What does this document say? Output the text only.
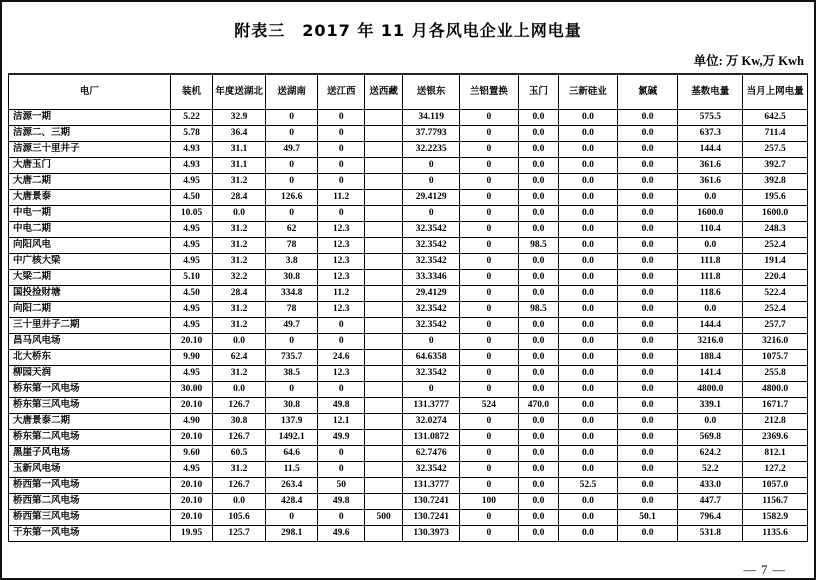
附表三　2017 年 11 月各风电企业上网电量
单位: 万 Kw,万 Kwh
电厂	装机	年度送湖北	送湖南	送江西	送西藏	送银东	兰铝置换	玉门	三新硅业	氯碱	基数电量	当月上网电量
洁源一期	5.22	32.9	0	0		34.119	0	0.0	0.0	0.0	575.5	642.5
洁源二、三期	5.78	36.4	0	0		37.7793	0	0.0	0.0	0.0	637.3	711.4
洁源三十里井子	4.93	31.1	49.7	0		32.2235	0	0.0	0.0	0.0	144.4	257.5
大唐玉门	4.93	31.1	0	0		0	0	0.0	0.0	0.0	361.6	392.7
大唐二期	4.95	31.2	0	0		0	0	0.0	0.0	0.0	361.6	392.8
大唐景泰	4.50	28.4	126.6	11.2		29.4129	0	0.0	0.0	0.0	0.0	195.6
中电一期	10.05	0.0	0	0		0	0	0.0	0.0	0.0	1600.0	1600.0
中电二期	4.95	31.2	62	12.3		32.3542	0	0.0	0.0	0.0	110.4	248.3
向阳风电	4.95	31.2	78	12.3		32.3542	0	98.5	0.0	0.0	0.0	252.4
中广核大梁	4.95	31.2	3.8	12.3		32.3542	0	0.0	0.0	0.0	111.8	191.4
大梁二期	5.10	32.2	30.8	12.3		33.3346	0	0.0	0.0	0.0	111.8	220.4
国投捡财塘	4.50	28.4	334.8	11.2		29.4129	0	0.0	0.0	0.0	118.6	522.4
向阳二期	4.95	31.2	78	12.3		32.3542	0	98.5	0.0	0.0	0.0	252.4
三十里井子二期	4.95	31.2	49.7	0		32.3542	0	0.0	0.0	0.0	144.4	257.7
昌马风电场	20.10	0.0	0	0		0	0	0.0	0.0	0.0	3216.0	3216.0
北大桥东	9.90	62.4	735.7	24.6		64.6358	0	0.0	0.0	0.0	188.4	1075.7
柳园天润	4.95	31.2	38.5	12.3		32.3542	0	0.0	0.0	0.0	141.4	255.8
桥东第一风电场	30.00	0.0	0	0		0	0	0.0	0.0	0.0	4800.0	4800.0
桥东第三风电场	20.10	126.7	30.8	49.8		131.3777	524	470.0	0.0	0.0	339.1	1671.7
大唐景泰二期	4.90	30.8	137.9	12.1		32.0274	0	0.0	0.0	0.0	0.0	212.8
桥东第二风电场	20.10	126.7	1492.1	49.9		131.0872	0	0.0	0.0	0.0	569.8	2369.6
黑崖子风电场	9.60	60.5	64.6	0		62.7476	0	0.0	0.0	0.0	624.2	812.1
玉新风电场	4.95	31.2	11.5	0		32.3542	0	0.0	0.0	0.0	52.2	127.2
桥西第一风电场	20.10	126.7	263.4	50		131.3777	0	0.0	52.5	0.0	433.0	1057.0
桥西第二风电场	20.10	0.0	428.4	49.8		130.7241	100	0.0	0.0	0.0	447.7	1156.7
桥西第三风电场	20.10	105.6	0	0	500	130.7241	0	0.0	0.0	50.1	796.4	1582.9
干东第一风电场	19.95	125.7	298.1	49.6		130.3973	0	0.0	0.0	0.0	531.8	1135.6
— 7 —
